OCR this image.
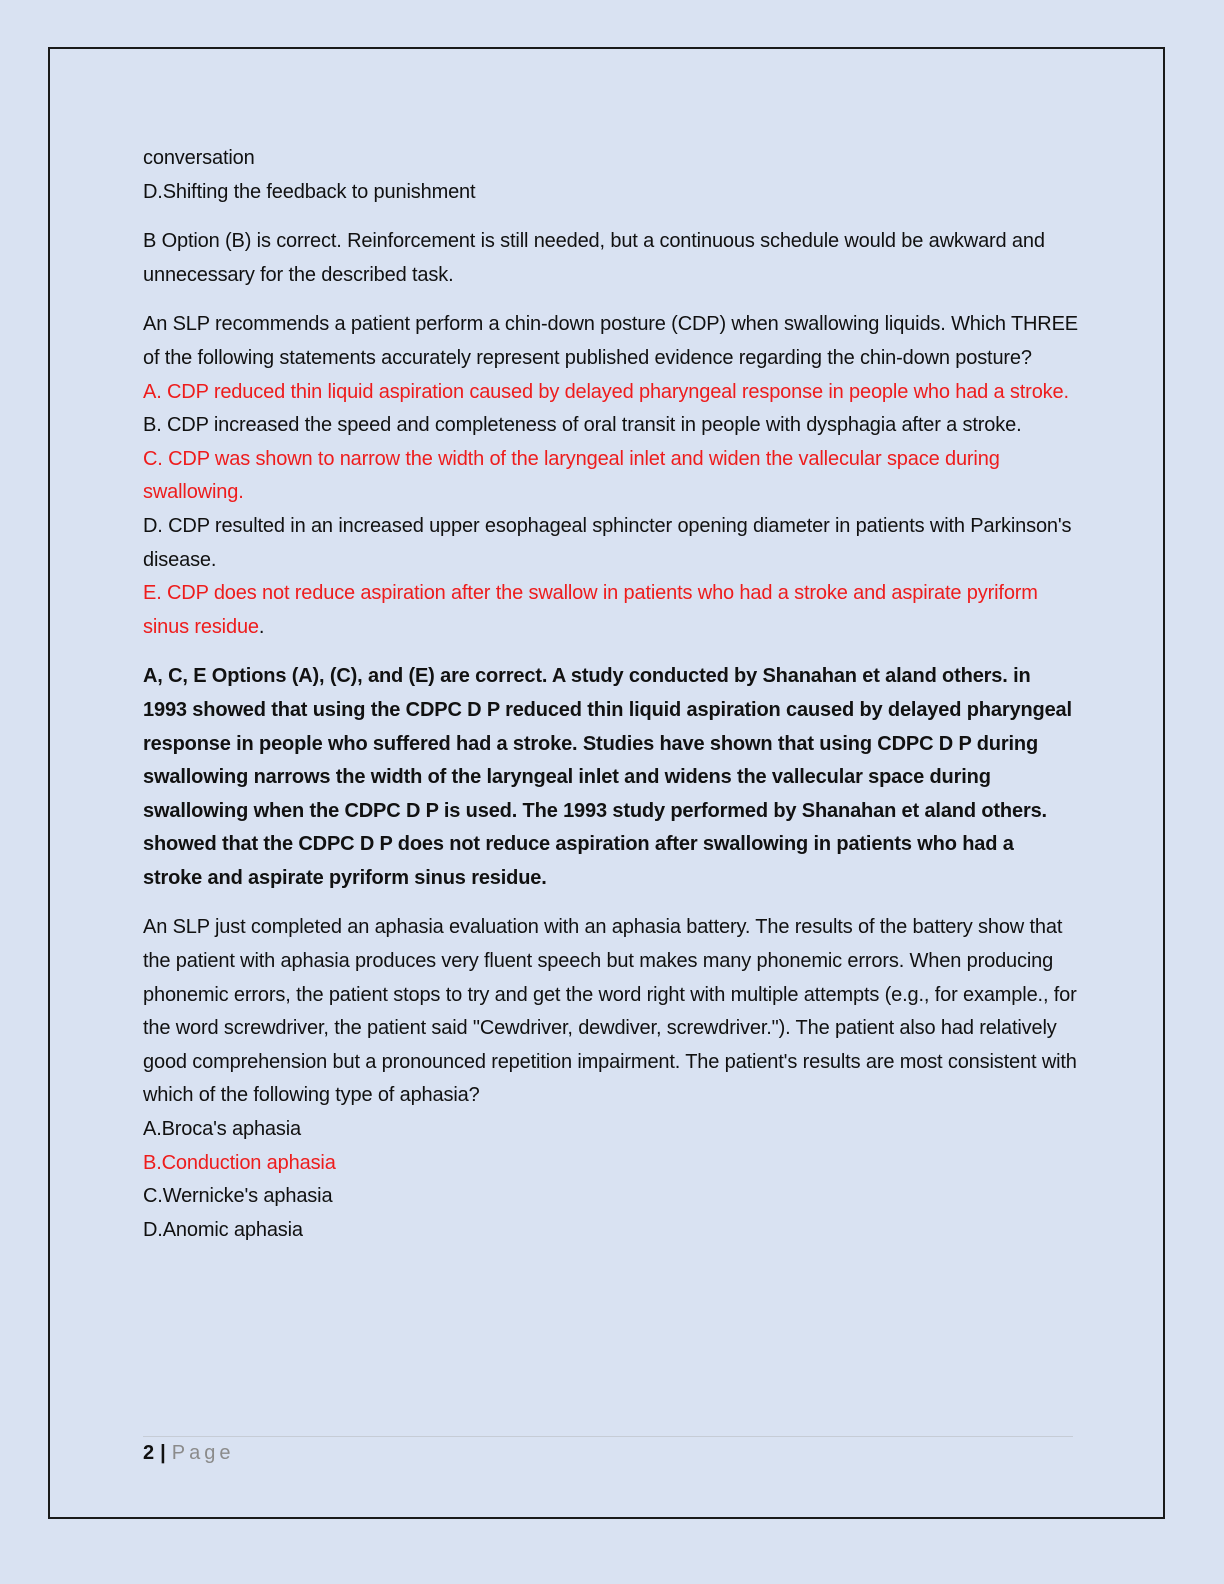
conversation

D.Shifting the feedback to punishment

B Option (B) is correct. Reinforcement is still needed, but a continuous schedule would be awkward and unnecessary for the described task.

An SLP recommends a patient perform a chin-down posture (CDP) when swallowing liquids. Which THREE of the following statements accurately represent published evidence regarding the chin-down posture?

A. CDP reduced thin liquid aspiration caused by delayed pharyngeal response in people who had a stroke.

B. CDP increased the speed and completeness of oral transit in people with dysphagia after a stroke.

C. CDP was shown to narrow the width of the laryngeal inlet and widen the vallecular space during swallowing.

D. CDP resulted in an increased upper esophageal sphincter opening diameter in patients with Parkinson's disease.

E. CDP does not reduce aspiration after the swallow in patients who had a stroke and aspirate pyriform sinus residue.

A, C, E Options (A), (C), and (E) are correct. A study conducted by Shanahan et aland others. in 1993 showed that using the CDPC D P reduced thin liquid aspiration caused by delayed pharyngeal response in people who suffered had a stroke. Studies have shown that using CDPC D P during swallowing narrows the width of the laryngeal inlet and widens the vallecular space during swallowing when the CDPC D P is used. The 1993 study performed by Shanahan et aland others. showed that the CDPC D P does not reduce aspiration after swallowing in patients who had a stroke and aspirate pyriform sinus residue.

An SLP just completed an aphasia evaluation with an aphasia battery. The results of the battery show that the patient with aphasia produces very fluent speech but makes many phonemic errors. When producing phonemic errors, the patient stops to try and get the word right with multiple attempts (e.g., for example., for the word screwdriver, the patient said "Cewdriver, dewdiver, screwdriver."). The patient also had relatively good comprehension but a pronounced repetition impairment. The patient's results are most consistent with which of the following type of aphasia?

A.Broca's aphasia

B.Conduction aphasia

C.Wernicke's aphasia

D.Anomic aphasia

2 | Page
